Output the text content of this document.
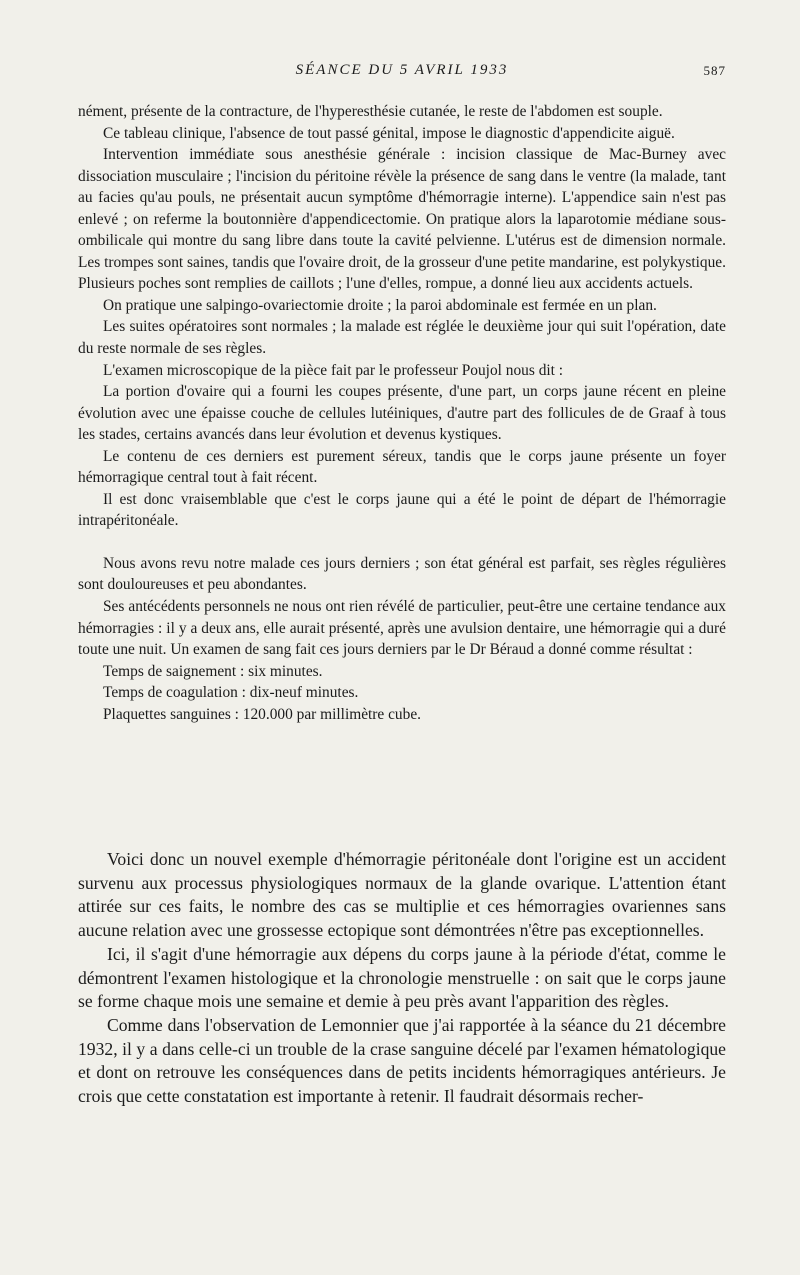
SÉANCE DU 5 AVRIL 1933	587

nément, présente de la contracture, de l'hyperesthésie cutanée, le reste de l'abdomen est souple.

Ce tableau clinique, l'absence de tout passé génital, impose le diagnostic d'appendicite aiguë.

Intervention immédiate sous anesthésie générale : incision classique de Mac-Burney avec dissociation musculaire ; l'incision du péritoine révèle la présence de sang dans le ventre (la malade, tant au facies qu'au pouls, ne présentait aucun symptôme d'hémorragie interne). L'appendice sain n'est pas enlevé ; on referme la boutonnière d'appendicectomie. On pratique alors la laparotomie médiane sous-ombilicale qui montre du sang libre dans toute la cavité pelvienne. L'utérus est de dimension normale. Les trompes sont saines, tandis que l'ovaire droit, de la grosseur d'une petite mandarine, est polykystique. Plusieurs poches sont remplies de caillots ; l'une d'elles, rompue, a donné lieu aux accidents actuels.

On pratique une salpingo-ovariectomie droite ; la paroi abdominale est fermée en un plan.

Les suites opératoires sont normales ; la malade est réglée le deuxième jour qui suit l'opération, date du reste normale de ses règles.

L'examen microscopique de la pièce fait par le professeur Poujol nous dit :

La portion d'ovaire qui a fourni les coupes présente, d'une part, un corps jaune récent en pleine évolution avec une épaisse couche de cellules lutéiniques, d'autre part des follicules de de Graaf à tous les stades, certains avancés dans leur évolution et devenus kystiques.

Le contenu de ces derniers est purement séreux, tandis que le corps jaune présente un foyer hémorragique central tout à fait récent.

Il est donc vraisemblable que c'est le corps jaune qui a été le point de départ de l'hémorragie intrapéritonéale.

Nous avons revu notre malade ces jours derniers ; son état général est parfait, ses règles régulières sont douloureuses et peu abondantes.

Ses antécédents personnels ne nous ont rien révélé de particulier, peut-être une certaine tendance aux hémorragies : il y a deux ans, elle aurait présenté, après une avulsion dentaire, une hémorragie qui a duré toute une nuit. Un examen de sang fait ces jours derniers par le Dr Béraud a donné comme résultat :

Temps de saignement : six minutes.

Temps de coagulation : dix-neuf minutes.

Plaquettes sanguines : 120.000 par millimètre cube.

Voici donc un nouvel exemple d'hémorragie péritonéale dont l'origine est un accident survenu aux processus physiologiques normaux de la glande ovarique. L'attention étant attirée sur ces faits, le nombre des cas se multiplie et ces hémorragies ovariennes sans aucune relation avec une grossesse ectopique sont démontrées n'être pas exceptionnelles.

Ici, il s'agit d'une hémorragie aux dépens du corps jaune à la période d'état, comme le démontrent l'examen histologique et la chronologie menstruelle : on sait que le corps jaune se forme chaque mois une semaine et demie à peu près avant l'apparition des règles.

Comme dans l'observation de Lemonnier que j'ai rapportée à la séance du 21 décembre 1932, il y a dans celle-ci un trouble de la crase sanguine décelé par l'examen hématologique et dont on retrouve les conséquences dans de petits incidents hémorragiques antérieurs. Je crois que cette constatation est importante à retenir. Il faudrait désormais recher-
